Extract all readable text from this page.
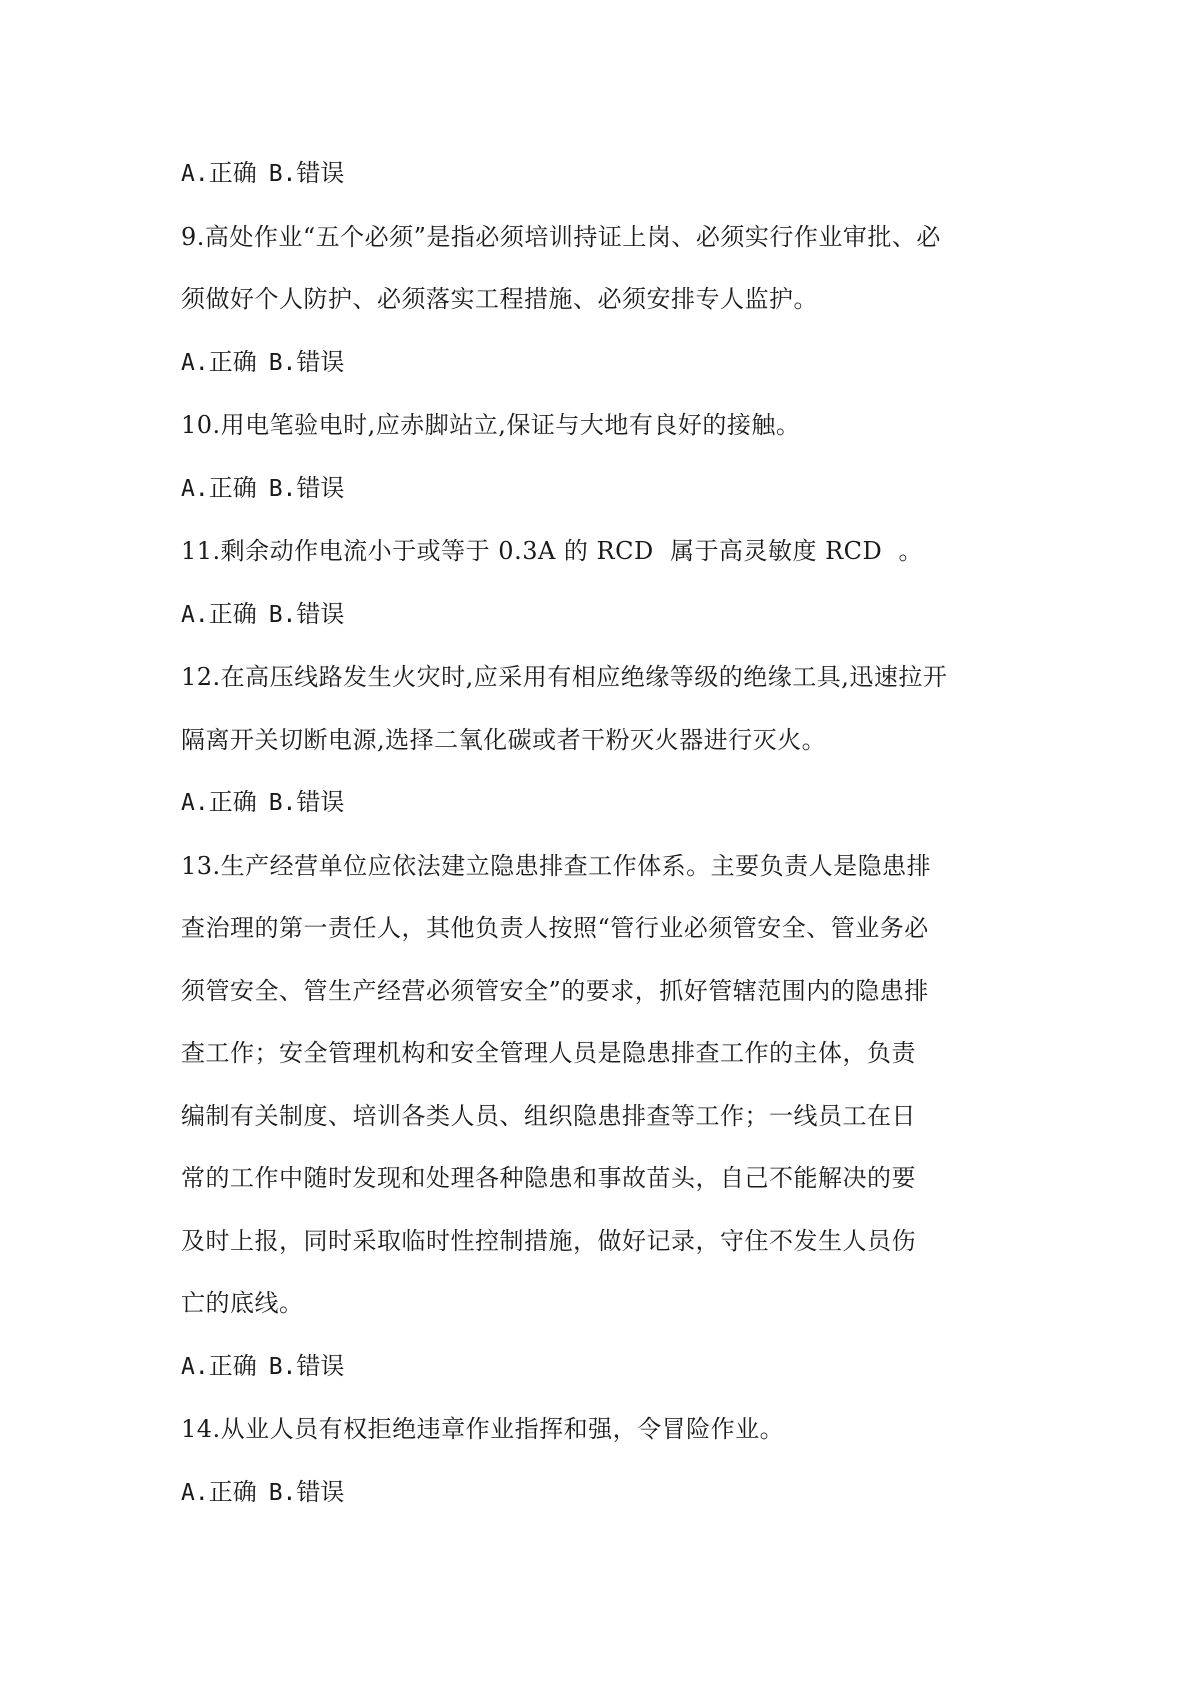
A.正确 B.错误
9.高处作业“五个必须”是指必须培训持证上岗、必须实行作业审批、必
须做好个人防护、必须落实工程措施、必须安排专人监护。
A.正确 B.错误
10.用电笔验电时,应赤脚站立,保证与大地有良好的接触。
A.正确 B.错误
11.剩余动作电流小于或等于 0.3A 的 RCD  属于高灵敏度 RCD  。
A.正确 B.错误
12.在高压线路发生火灾时,应采用有相应绝缘等级的绝缘工具,迅速拉开
隔离开关切断电源,选择二氧化碳或者干粉灭火器进行灭火。
A.正确 B.错误
13.生产经营单位应依法建立隐患排查工作体系。主要负责人是隐患排
查治理的第一责任人，其他负责人按照“管行业必须管安全、管业务必
须管安全、管生产经营必须管安全”的要求，抓好管辖范围内的隐患排
查工作；安全管理机构和安全管理人员是隐患排查工作的主体，负责
编制有关制度、培训各类人员、组织隐患排查等工作；一线员工在日
常的工作中随时发现和处理各种隐患和事故苗头，自己不能解决的要
及时上报，同时采取临时性控制措施，做好记录，守住不发生人员伤
亡的底线。
A.正确 B.错误
14.从业人员有权拒绝违章作业指挥和强，令冒险作业。
A.正确 B.错误
